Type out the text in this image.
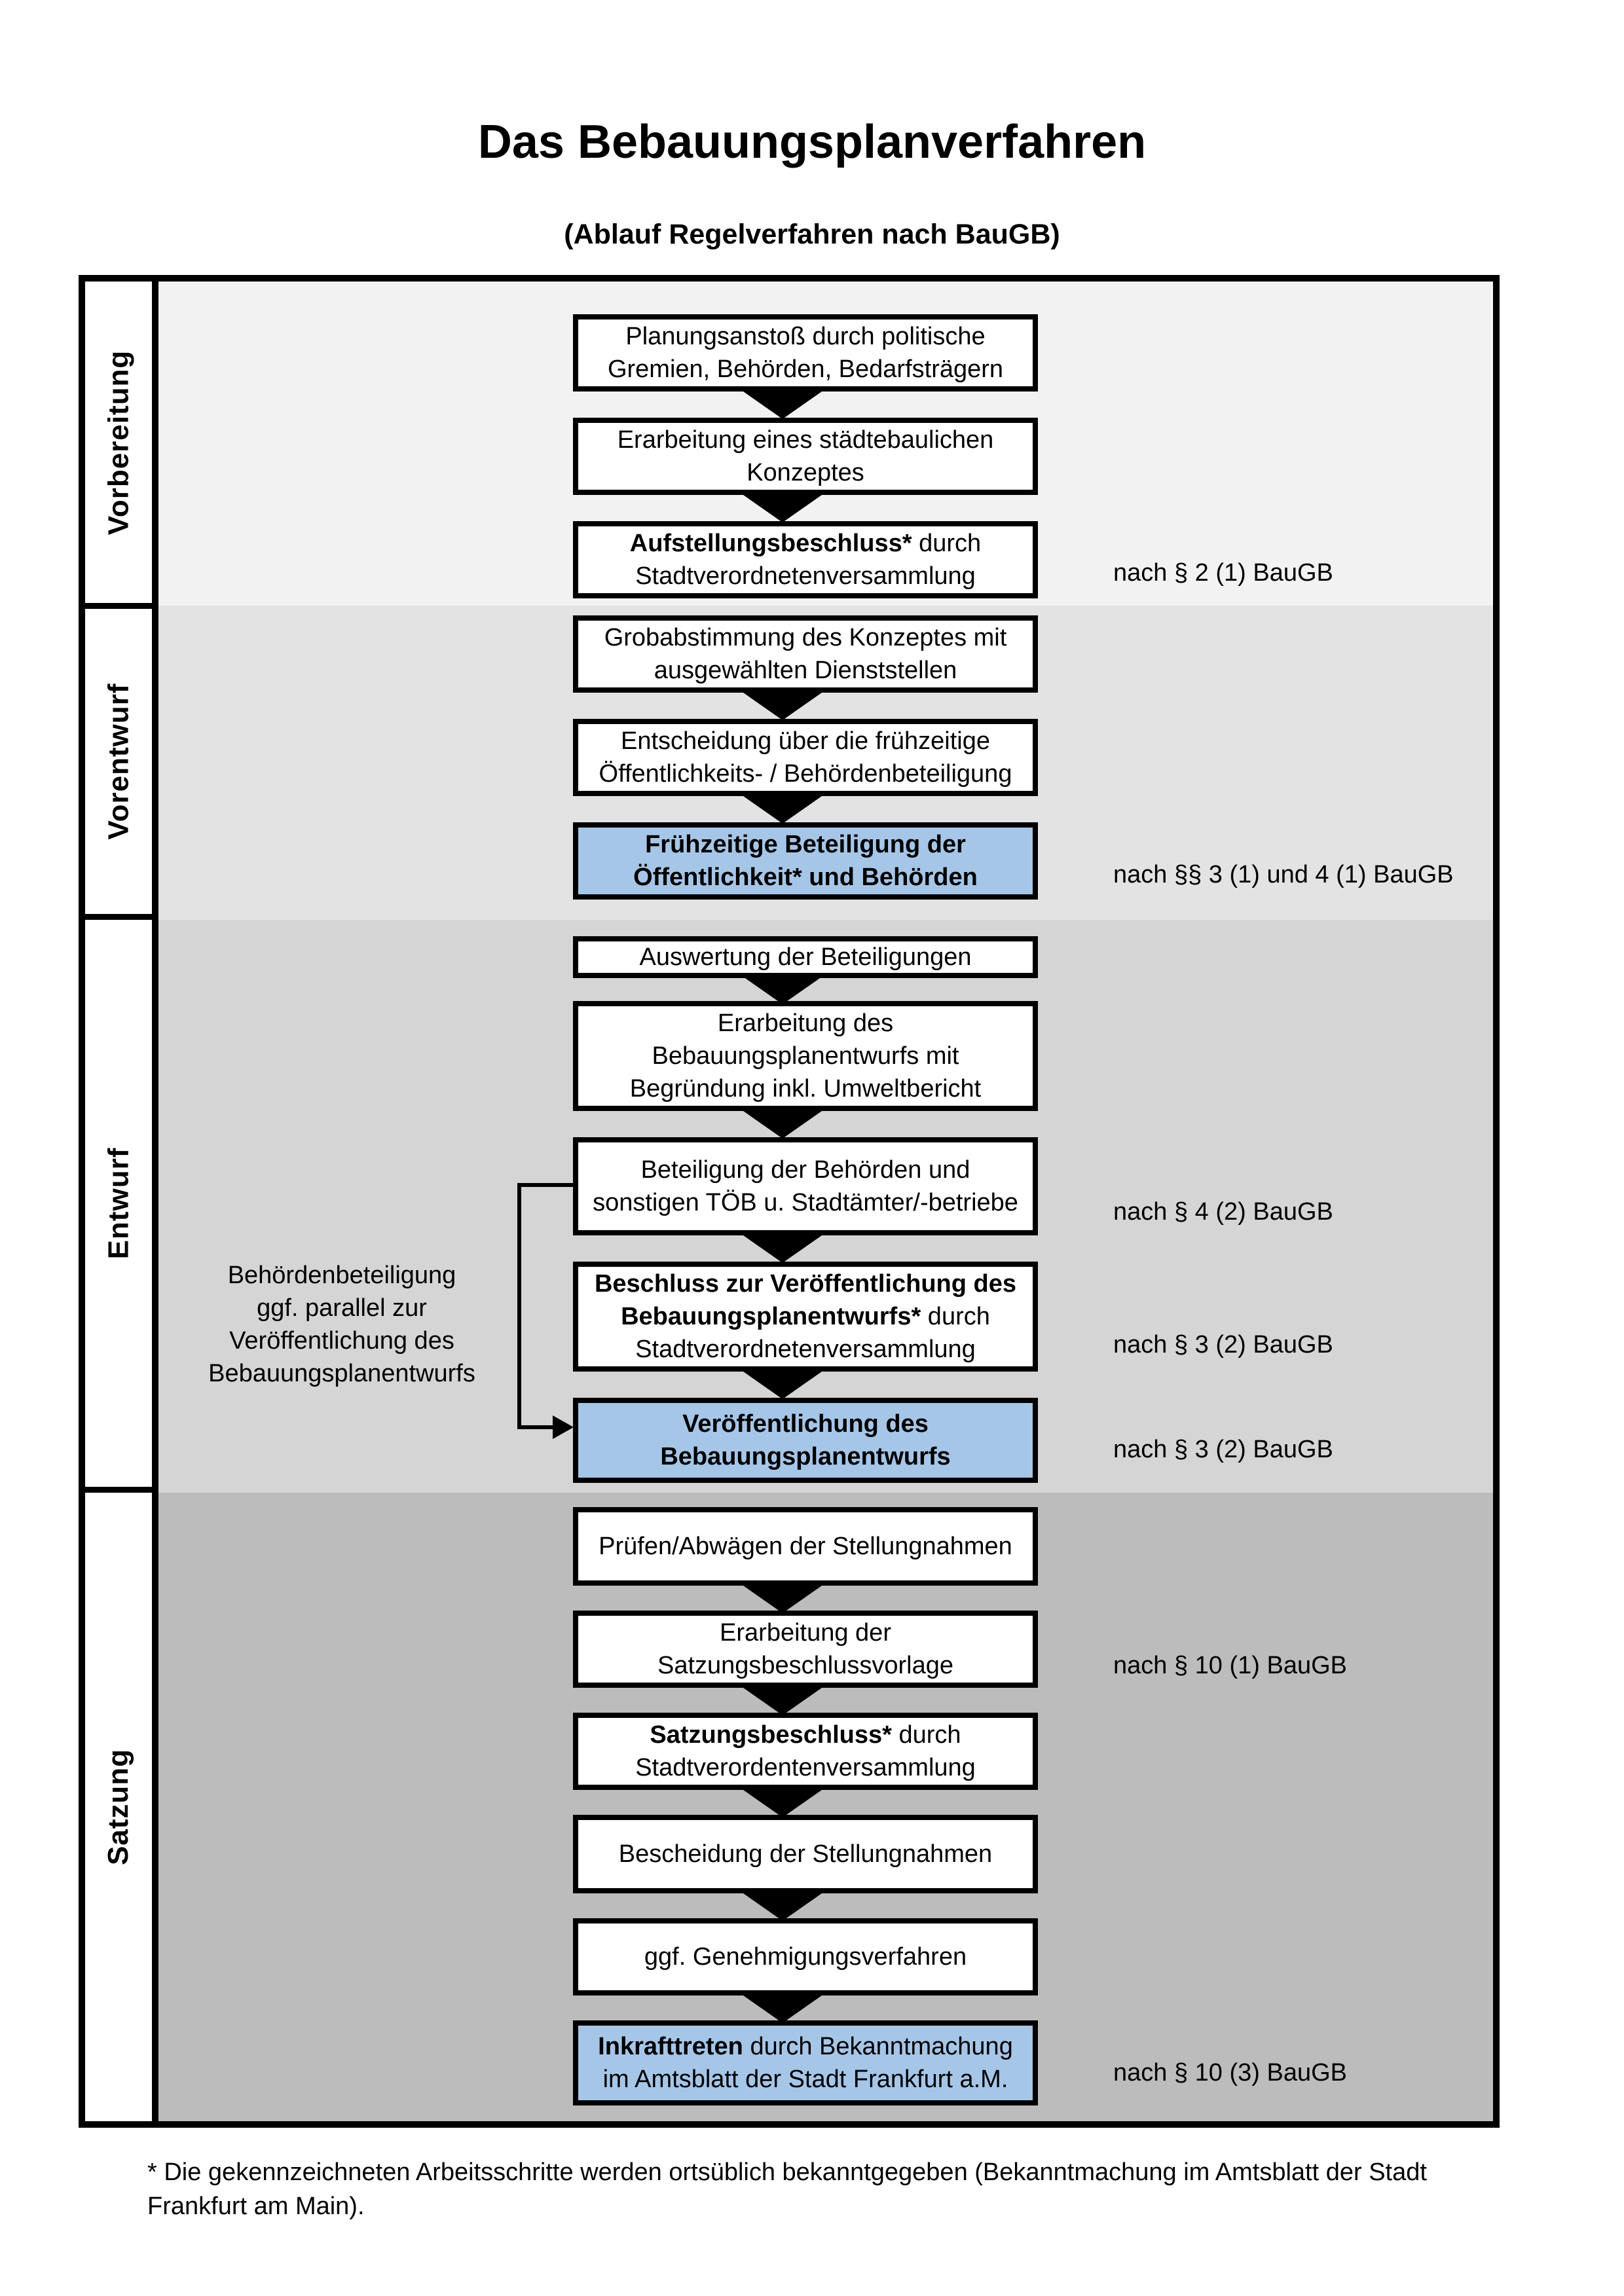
Das Bebauungsplanverfahren
(Ablauf Regelverfahren nach BauGB)
Vorbereitung
Vorentwurf
Entwurf
Satzung
Planungsanstoß durch politische
Gremien, Behörden, Bedarfsträgern
Erarbeitung eines städtebaulichen
Konzeptes
Aufstellungsbeschluss* durch
Stadtverordnetenversammlung	nach § 2 (1) BauGB
Grobabstimmung des Konzeptes mit
ausgewählten Dienststellen
Entscheidung über die frühzeitige
Öffentlichkeits- / Behördenbeteiligung
Frühzeitige Beteiligung der
Öffentlichkeit* und Behörden	nach §§ 3 (1) und 4 (1) BauGB
Auswertung der Beteiligungen
Erarbeitung des
Bebauungsplanentwurfs mit
Begründung inkl. Umweltbericht
Beteiligung der Behörden und
sonstigen TÖB u. Stadtämter/-betriebe	nach § 4 (2) BauGB
Beschluss zur Veröffentlichung des
Bebauungsplanentwurfs* durch
Stadtverordnetenversammlung	nach § 3 (2) BauGB
Veröffentlichung des
Bebauungsplanentwurfs	nach § 3 (2) BauGB
Behördenbeteiligung
ggf. parallel zur
Veröffentlichung des
Bebauungsplanentwurfs
Prüfen/Abwägen der Stellungnahmen
Erarbeitung der
Satzungsbeschlussvorlage
Satzungsbeschluss* durch
Stadtverordentenversammlung
nach § 10 (1) BauGB
Bescheidung der Stellungnahmen
ggf. Genehmigungsverfahren
Inkrafttreten durch Bekanntmachung
im Amtsblatt der Stadt Frankfurt a.M.	nach § 10 (3) BauGB
* Die gekennzeichneten Arbeitsschritte werden ortsüblich bekanntgegeben (Bekanntmachung im Amtsblatt der Stadt
Frankfurt am Main).
